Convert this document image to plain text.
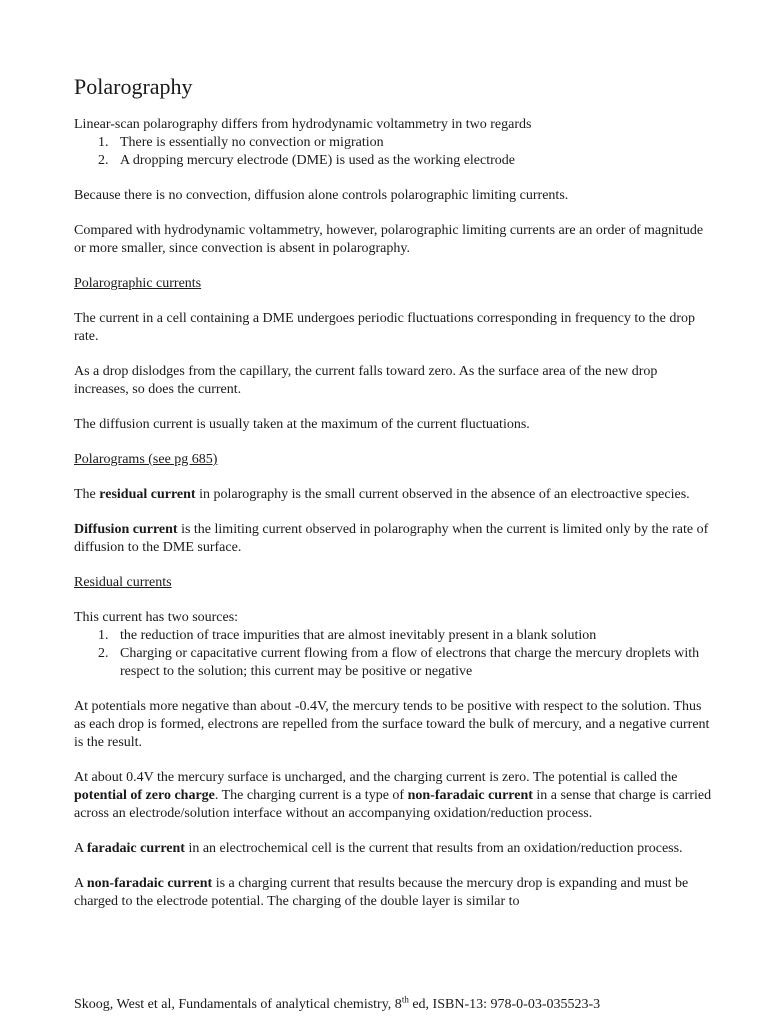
Polarography

Linear-scan polarography differs from hydrodynamic voltammetry in two regards

1. There is essentially no convection or migration
2. A dropping mercury electrode (DME) is used as the working electrode

Because there is no convection, diffusion alone controls polarographic limiting currents.

Compared with hydrodynamic voltammetry, however, polarographic limiting currents are an order of magnitude or more smaller, since convection is absent in polarography.

Polarographic currents

The current in a cell containing a DME undergoes periodic fluctuations corresponding in frequency to the drop rate.

As a drop dislodges from the capillary, the current falls toward zero. As the surface area of the new drop increases, so does the current.

The diffusion current is usually taken at the maximum of the current fluctuations.

Polarograms (see pg 685)

The residual current in polarography is the small current observed in the absence of an electroactive species.

Diffusion current is the limiting current observed in polarography when the current is limited only by the rate of diffusion to the DME surface.

Residual currents

This current has two sources:

1. the reduction of trace impurities that are almost inevitably present in a blank solution
2. Charging or capacitative current flowing from a flow of electrons that charge the mercury droplets with respect to the solution; this current may be positive or negative

At potentials more negative than about -0.4V, the mercury tends to be positive with respect to the solution. Thus as each drop is formed, electrons are repelled from the surface toward the bulk of mercury, and a negative current is the result.

At about 0.4V the mercury surface is uncharged, and the charging current is zero. The potential is called the potential of zero charge. The charging current is a type of non-faradaic current in a sense that charge is carried across an electrode/solution interface without an accompanying oxidation/reduction process.

A faradaic current in an electrochemical cell is the current that results from an oxidation/reduction process.

A non-faradaic current is a charging current that results because the mercury drop is expanding and must be charged to the electrode potential. The charging of the double layer is similar to

Skoog, West et al, Fundamentals of analytical chemistry, 8th ed, ISBN-13: 978-0-03-035523-3
